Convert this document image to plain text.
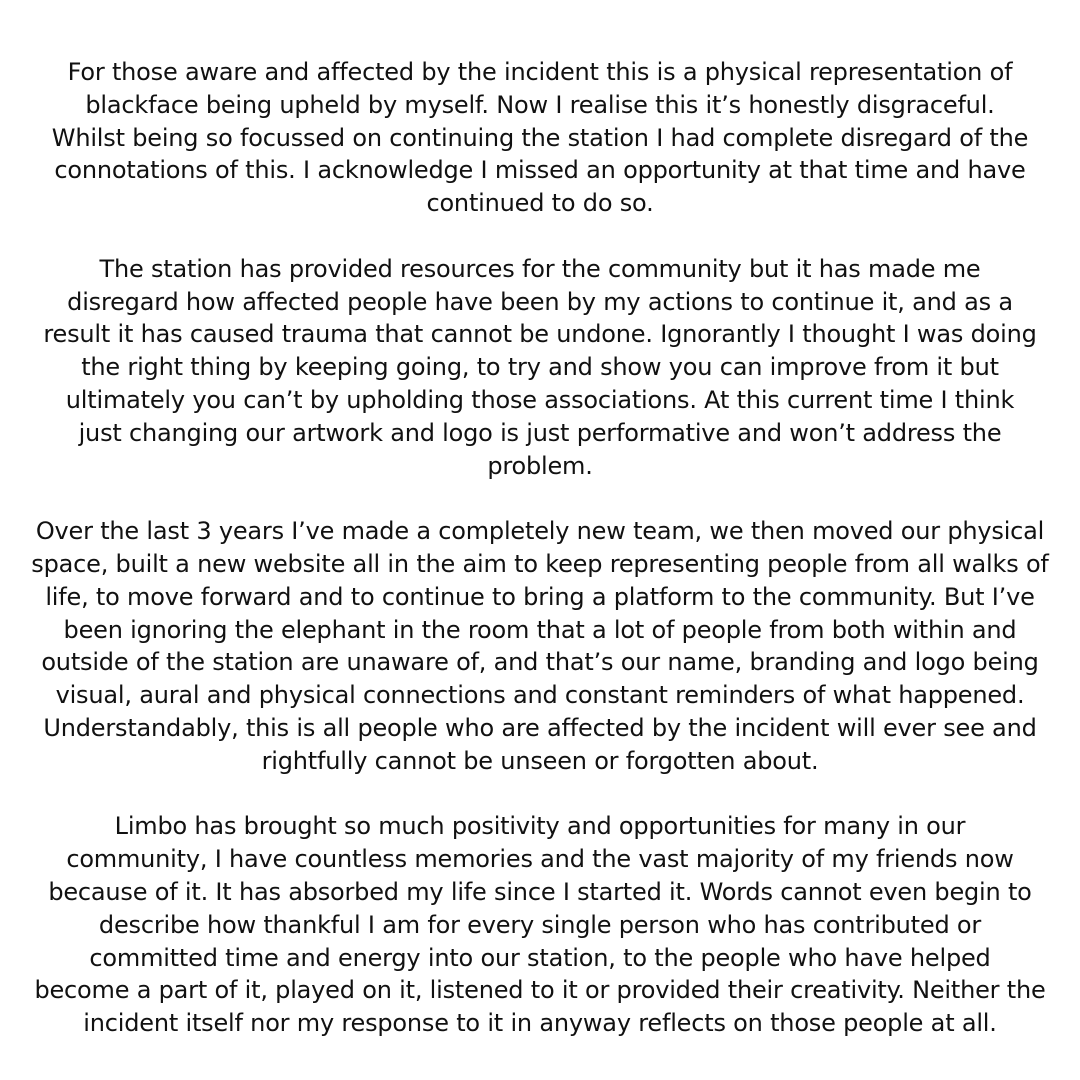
For those aware and affected by the incident this is a physical representation of
blackface being upheld by myself. Now I realise this it’s honestly disgraceful.
Whilst being so focussed on continuing the station I had complete disregard of the
connotations of this. I acknowledge I missed an opportunity at that time and have
continued to do so.
The station has provided resources for the community but it has made me
disregard how affected people have been by my actions to continue it, and as a
result it has caused trauma that cannot be undone. Ignorantly I thought I was doing
the right thing by keeping going, to try and show you can improve from it but
ultimately you can’t by upholding those associations. At this current time I think
just changing our artwork and logo is just performative and won’t address the
problem.
Over the last 3 years I’ve made a completely new team, we then moved our physical
space, built a new website all in the aim to keep representing people from all walks of
life, to move forward and to continue to bring a platform to the community. But I’ve
been ignoring the elephant in the room that a lot of people from both within and
outside of the station are unaware of, and that’s our name, branding and logo being
visual, aural and physical connections and constant reminders of what happened.
Understandably, this is all people who are affected by the incident will ever see and
rightfully cannot be unseen or forgotten about.
Limbo has brought so much positivity and opportunities for many in our
community, I have countless memories and the vast majority of my friends now
because of it. It has absorbed my life since I started it. Words cannot even begin to
describe how thankful I am for every single person who has contributed or
committed time and energy into our station, to the people who have helped
become a part of it, played on it, listened to it or provided their creativity. Neither the
incident itself nor my response to it in anyway reflects on those people at all.
